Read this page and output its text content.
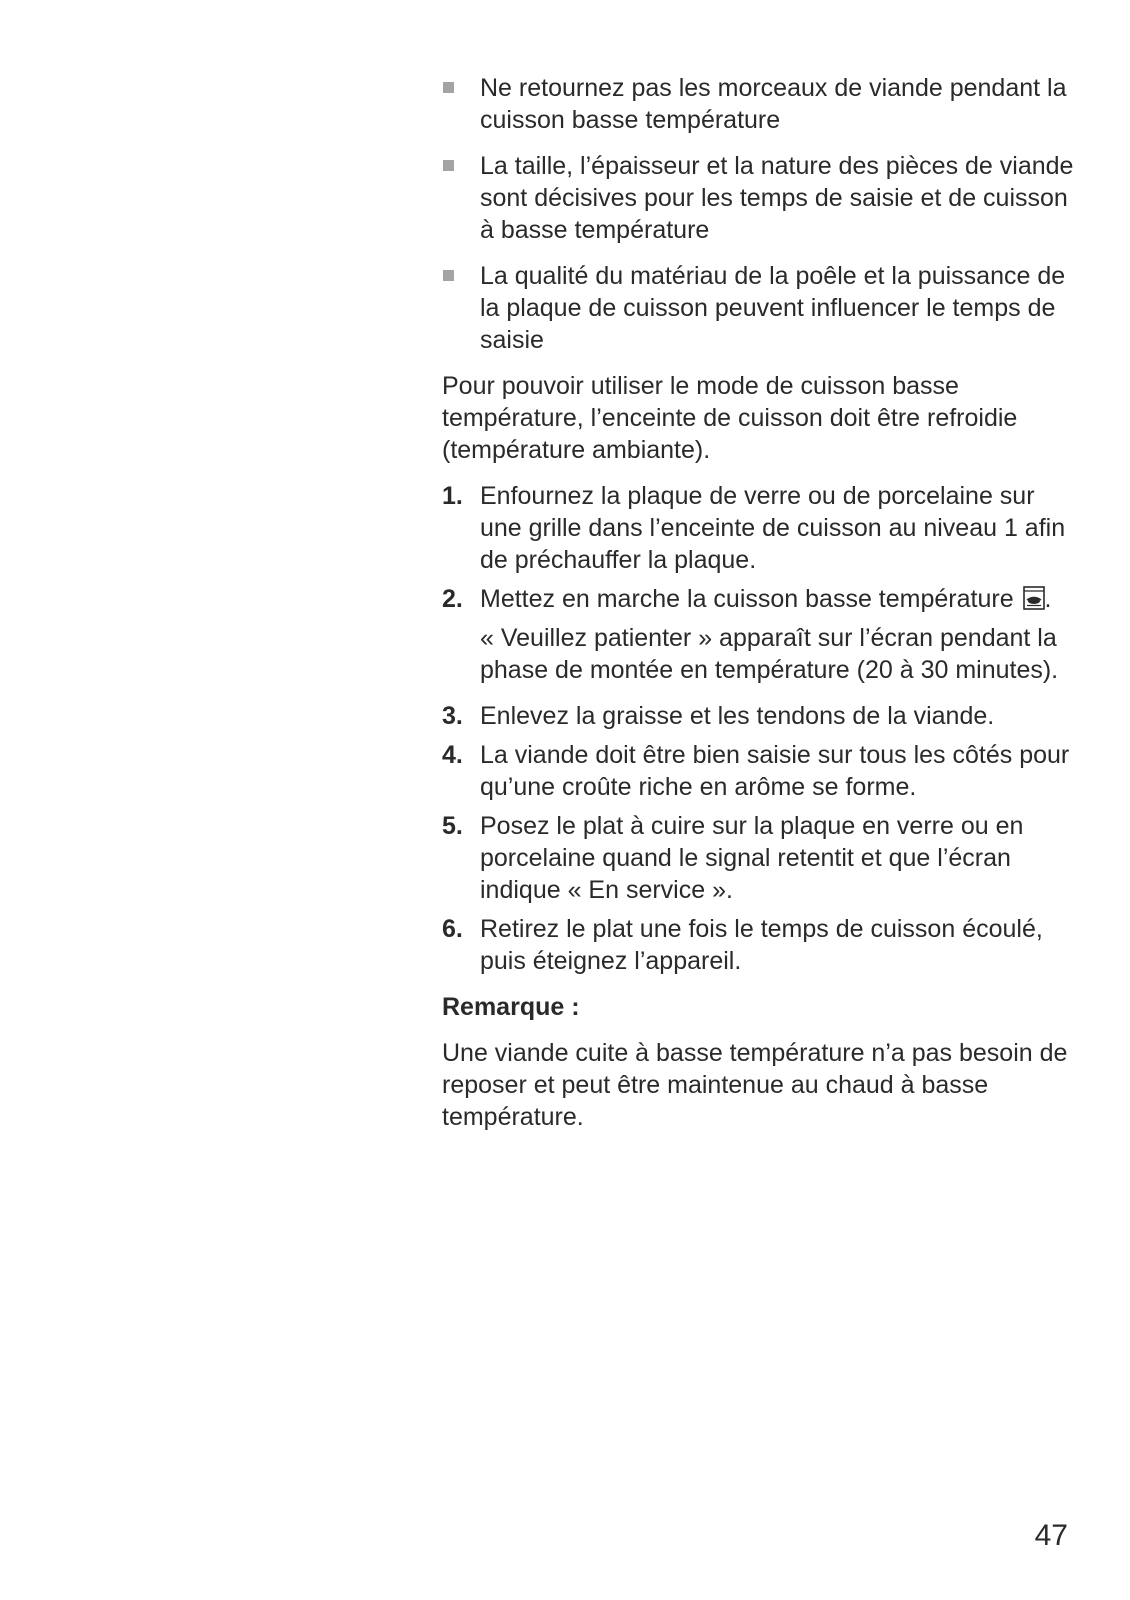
Ne retournez pas les morceaux de viande pendant la cuisson basse température
La taille, l’épaisseur et la nature des pièces de viande sont décisives pour les temps de saisie et de cuisson à basse température
La qualité du matériau de la poêle et la puissance de la plaque de cuisson peuvent influencer le temps de saisie

Pour pouvoir utiliser le mode de cuisson basse température, l’enceinte de cuisson doit être refroidie (température ambiante).

1. Enfournez la plaque de verre ou de porcelaine sur une grille dans l’enceinte de cuisson au niveau 1 afin de préchauffer la plaque.
2. Mettez en marche la cuisson basse température .
« Veuillez patienter » apparaît sur l’écran pendant la phase de montée en température (20 à 30 minutes).
3. Enlevez la graisse et les tendons de la viande.
4. La viande doit être bien saisie sur tous les côtés pour qu’une croûte riche en arôme se forme.
5. Posez le plat à cuire sur la plaque en verre ou en porcelaine quand le signal retentit et que l’écran indique « En service ».
6. Retirez le plat une fois le temps de cuisson écoulé, puis éteignez l’appareil.
Remarque :

Une viande cuite à basse température n’a pas besoin de reposer et peut être maintenue au chaud à basse température.

47
